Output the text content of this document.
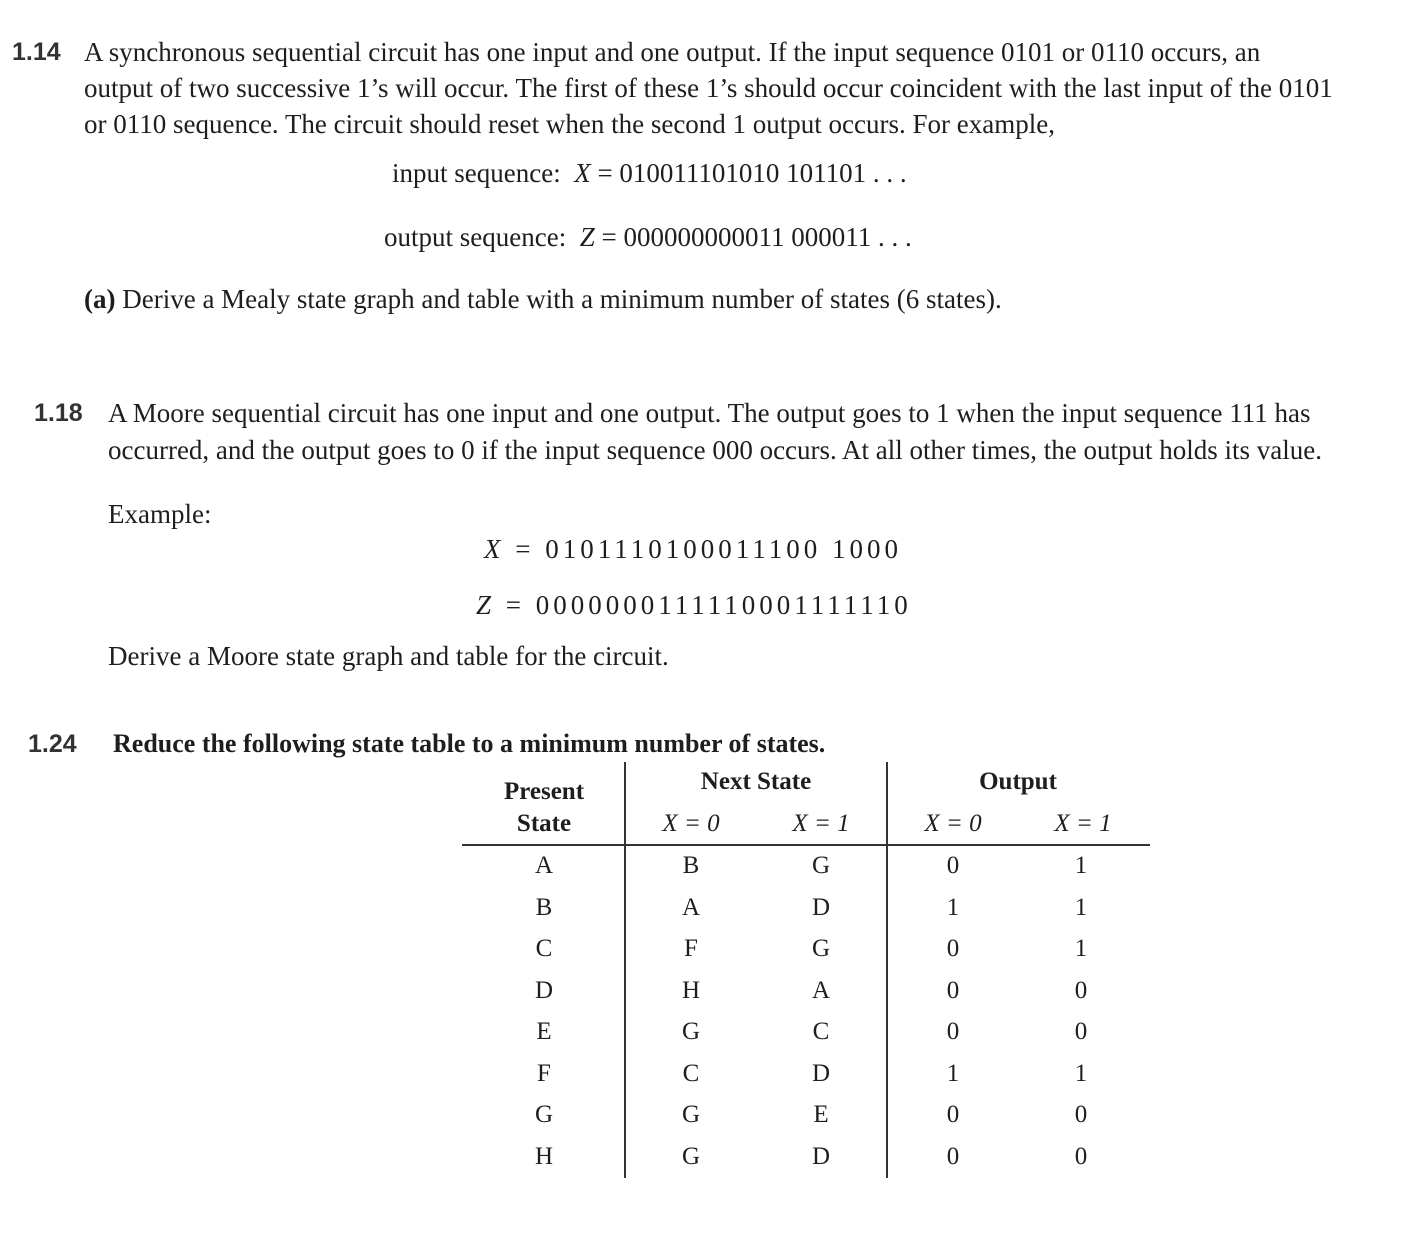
1.14 A synchronous sequential circuit has one input and one output. If the input sequence 0101 or 0110 occurs, an
output of two successive 1’s will occur. The first of these 1’s should occur coincident with the last input of the 0101
or 0110 sequence. The circuit should reset when the second 1 output occurs. For example,
input sequence: X = 010011101010 101101 . . .
output sequence: Z = 000000000011 000011 . . .
(a) Derive a Mealy state graph and table with a minimum number of states (6 states).
1.18 A Moore sequential circuit has one input and one output. The output goes to 1 when the input sequence 111 has
occurred, and the output goes to 0 if the input sequence 000 occurs. At all other times, the output holds its value.
Example:
X = 0101110100011100 1000
Z = 0000000111110001111110
Derive a Moore state graph and table for the circuit.
1.24 Reduce the following state table to a minimum number of states.
Present
State
Next State	Output
X = 0	X = 1	X = 0	X = 1
A	B	G	0	1
B	A	D	1	1
C	F	G	0	1
D	H	A	0	0
E	G	C	0	0
F	C	D	1	1
G	G	E	0	0
H	G	D	0	0
